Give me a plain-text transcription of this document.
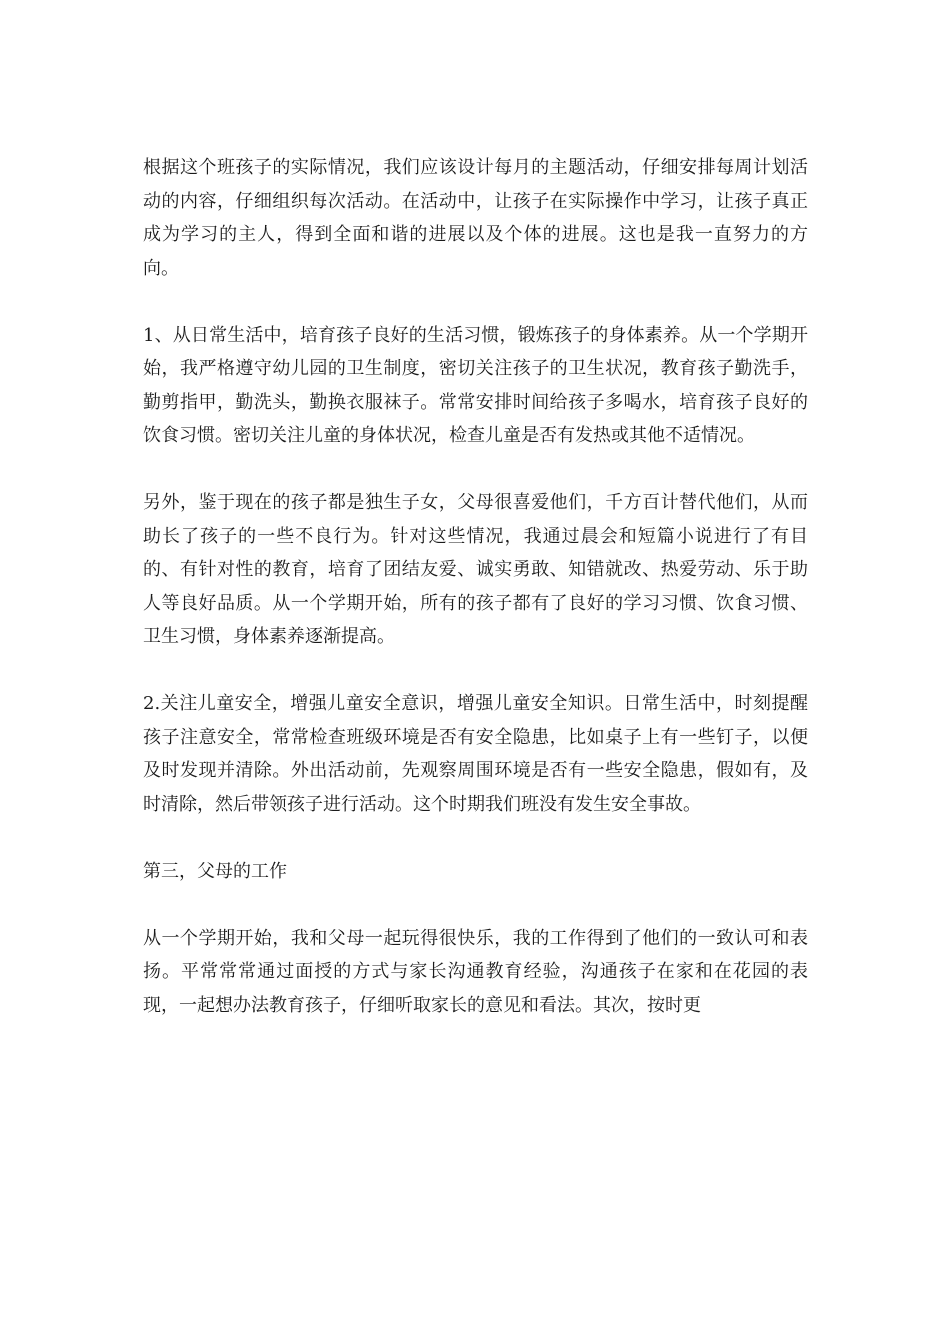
根据这个班孩子的实际情况，我们应该设计每月的主题活动，仔细安排每周计划活动的内容，仔细组织每次活动。在活动中，让孩子在实际操作中学习，让孩子真正成为学习的主人，得到全面和谐的进展以及个体的进展。这也是我一直努力的方向。

1、从日常生活中，培育孩子良好的生活习惯，锻炼孩子的身体素养。从一个学期开始，我严格遵守幼儿园的卫生制度，密切关注孩子的卫生状况，教育孩子勤洗手，勤剪指甲，勤洗头，勤换衣服袜子。常常安排时间给孩子多喝水，培育孩子良好的饮食习惯。密切关注儿童的身体状况，检查儿童是否有发热或其他不适情况。

另外，鉴于现在的孩子都是独生子女，父母很喜爱他们，千方百计替代他们，从而助长了孩子的一些不良行为。针对这些情况，我通过晨会和短篇小说进行了有目的、有针对性的教育，培育了团结友爱、诚实勇敢、知错就改、热爱劳动、乐于助人等良好品质。从一个学期开始，所有的孩子都有了良好的学习习惯、饮食习惯、卫生习惯，身体素养逐渐提高。

2.关注儿童安全，增强儿童安全意识，增强儿童安全知识。日常生活中，时刻提醒孩子注意安全，常常检查班级环境是否有安全隐患，比如桌子上有一些钉子，以便及时发现并清除。外出活动前，先观察周围环境是否有一些安全隐患，假如有，及时清除，然后带领孩子进行活动。这个时期我们班没有发生安全事故。

第三，父母的工作

从一个学期开始，我和父母一起玩得很快乐，我的工作得到了他们的一致认可和表扬。平常常常通过面授的方式与家长沟通教育经验，沟通孩子在家和在花园的表现，一起想办法教育孩子，仔细听取家长的意见和看法。其次，按时更
